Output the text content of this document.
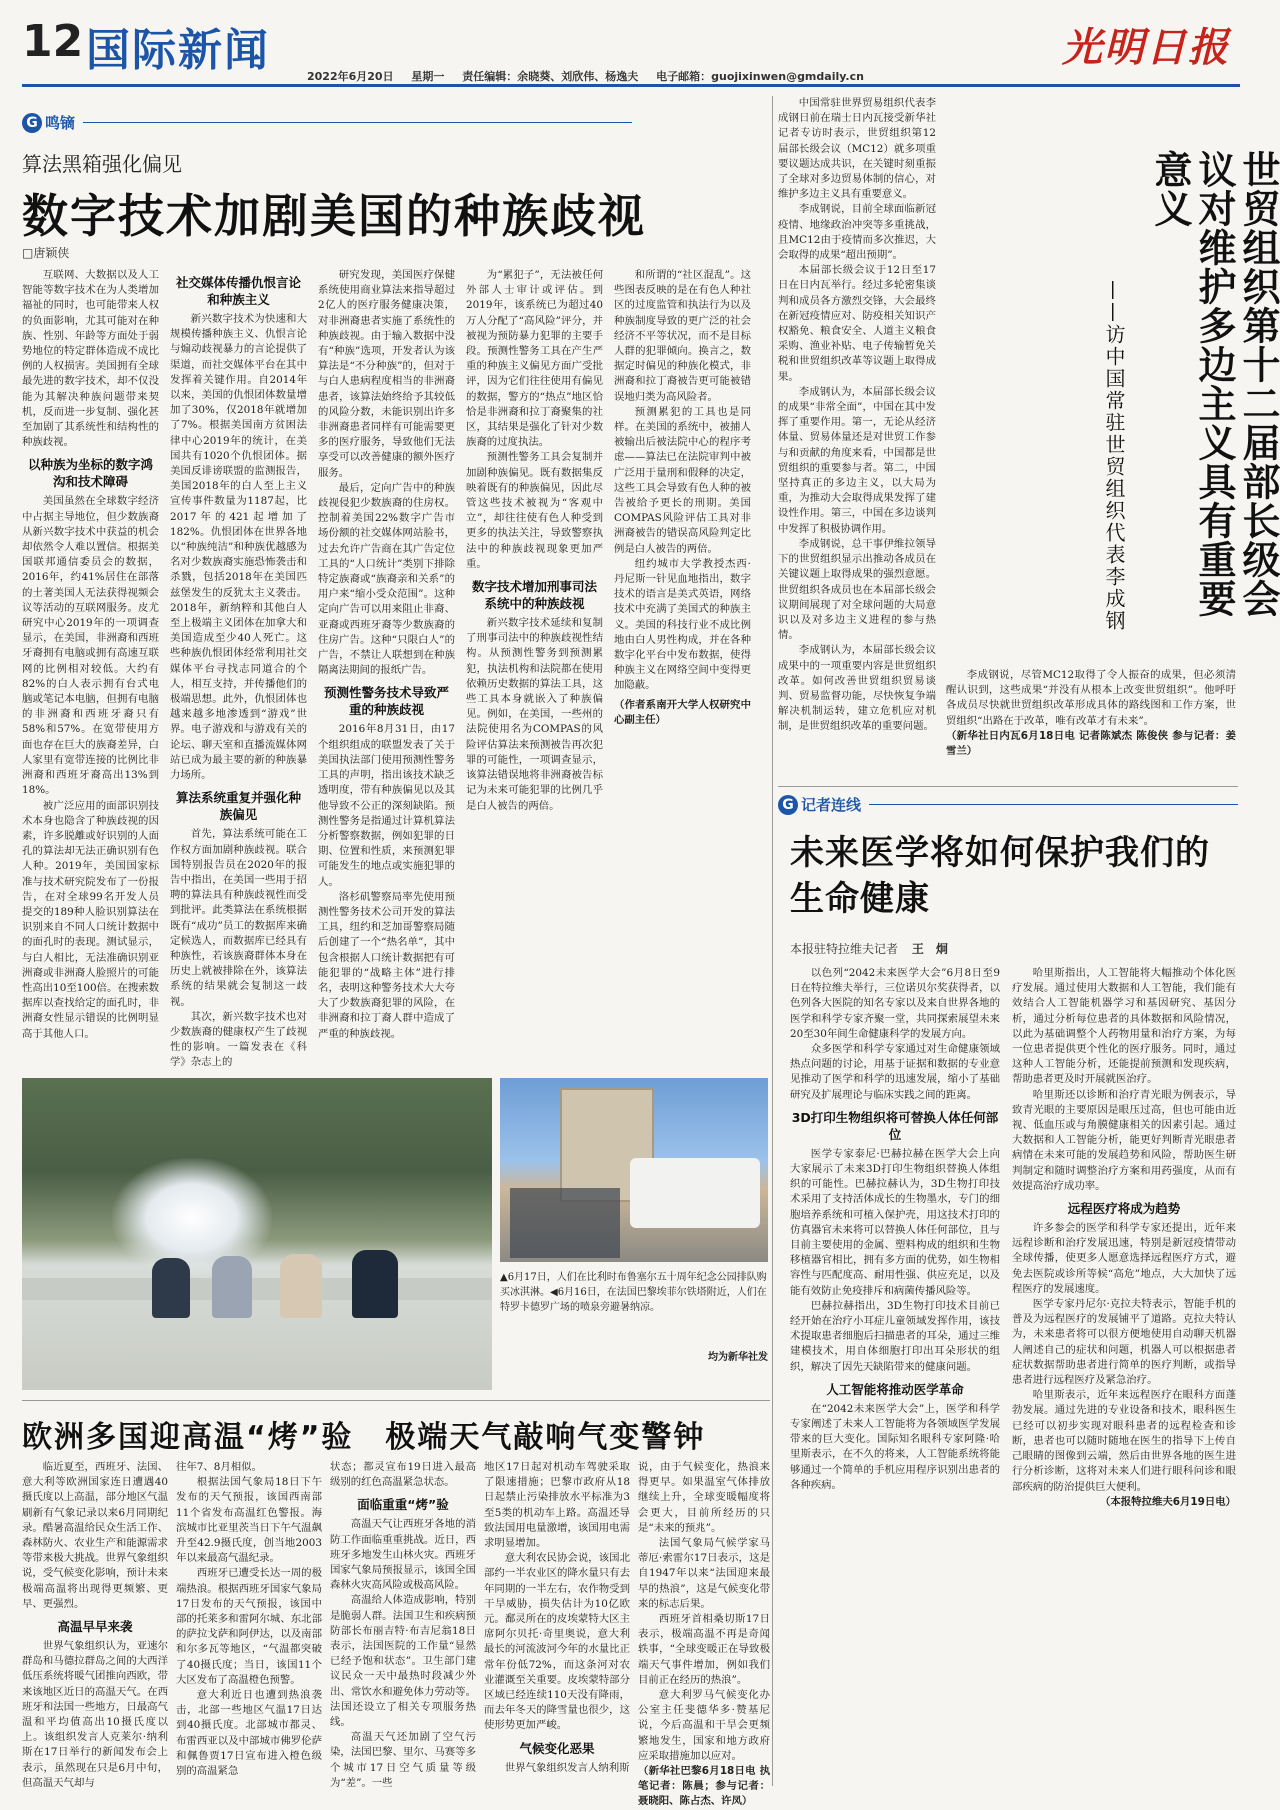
12 国际新闻
2022年6月20日 星期一 责任编辑：余晓葵、刘欣伟、杨逸夫 电子邮箱：guojixinwen@gmdaily.cn
光明日报
G 鸣镝
算法黑箱强化偏见
数字技术加剧美国的种族歧视
□唐颖侠

互联网、大数据以及人工智能等数字技术在为人类增加福祉的同时，也可能带来人权的负面影响，尤其可能对在种族、性别、年龄等方面处于弱势地位的特定群体造成不成比例的人权损害。美国拥有全球最先进的数字技术，却不仅没能为其解决种族问题带来契机，反而进一步复制、强化甚至加剧了其系统性和结构性的种族歧视。

以种族为坐标的数字鸿沟和技术障碍

美国虽然在全球数字经济中占据主导地位，但少数族裔从新兴数字技术中获益的机会却依然令人难以置信。根据美国联邦通信委员会的数据，2016年，约41%居住在部落的土著美国人无法获得视频会议等活动的互联网服务。皮尤研究中心2019年的一项调查显示，在美国，非洲裔和西班牙裔拥有电脑或拥有高速互联网的比例相对较低。大约有82%的白人表示拥有台式电脑或笔记本电脑，但拥有电脑的非洲裔和西班牙裔只有58%和57%。在宽带使用方面也存在巨大的族裔差异，白人家里有宽带连接的比例比非洲裔和西班牙裔高出13%到18%。

被广泛应用的面部识别技术本身也隐含了种族歧视的因素，许多脱離或好识别的人面孔的算法却无法正确识别有色人种。2019年，美国国家标准与技术研究院发布了一份报告，在对全球99名开发人员提交的189种人脸识别算法在识别来自不同人口统计数据中的面孔时的表现。测试显示，与白人相比，无法准确识别亚洲裔或非洲裔人脸照片的可能性高出10至100倍。在搜索数据库以查找给定的面孔时，非洲裔女性显示错误的比例明显高于其他人口。

社交媒体传播仇恨言论和种族主义

新兴数字技术为快速和大规模传播种族主义、仇恨言论与煽动歧视暴力的言论提供了渠道，而社交媒体平台在其中发挥着关键作用。自2014年以来，美国的仇恨团体数量增加了30%，仅2018年就增加了7%。根据美国南方贫困法律中心2019年的统计，在美国共有1020个仇恨团体。据美国反诽谤联盟的监测报告，美国2018年的白人至上主义宣传事件数量为1187起，比2017年的421起增加了182%。仇恨团体在世界各地以“种族纯洁”和种族优越感为名对少数族裔实施恐怖袭击和杀戮，包括2018年在美国匹兹堡发生的反犹太主义袭击。2018年，新纳粹和其他白人至上极端主义团体在加拿大和美国造成至少40人死亡。这些种族仇恨团体经常利用社交媒体平台寻找志同道合的个人，相互支持，并传播他们的极端思想。此外，仇恨团体也越来越多地渗透到“游戏”世界。电子游戏和与游戏有关的论坛、聊天室和直播流媒体网站已成为最主要的新的种族暴力场所。

算法系统重复并强化种族偏见

首先，算法系统可能在工作权方面加剧种族歧视。联合国特别报告员在2020年的报告中指出，在美国一些用于招聘的算法具有种族歧视性而受到批评。此类算法在系统根据既有“成功”员工的数据库来确定候选人，而数据库已经具有种族性，若该族裔群体本身在历史上就被排除在外，该算法系统的结果就会复制这一歧视。

其次，新兴数字技术也对少数族裔的健康权产生了歧视性的影响。一篇发表在《科学》杂志上的

研究发现，美国医疗保健系统使用商业算法来指导超过2亿人的医疗服务健康决策，对非洲裔患者实施了系统性的种族歧视。由于输入数据中没有“种族”选项，开发者认为该算法是“不分种族”的，但对于与白人患病程度相当的非洲裔患者，该算法始终给予其较低的风险分数，未能识别出许多非洲裔患者同样有可能需要更多的医疗服务，导致他们无法享受可以改善健康的额外医疗服务。

最后，定向广告中的种族歧视侵犯少数族裔的住房权。控制着美国22%数字广告市场份额的社交媒体网站脸书，过去允许广告商在其广告定位工具的“人口统计”类别下排除特定族裔或“族裔亲和关系”的用户来“缩小受众范围”。这种定向广告可以用来阻止非裔、亚裔或西班牙裔等少数族裔的住房广告。这种“只限白人”的广告，不禁让人联想到在种族隔离法期间的报纸广告。

预测性警务技术导致严重的种族歧视

2016年8月31日，由17个组织组成的联盟发表了关于美国执法部门使用预测性警务工具的声明，指出该技术缺乏透明度，带有种族偏见以及其他导致不公正的深刻缺陷。预测性警务是指通过计算机算法分析警察数据，例如犯罪的日期、位置和性质，来预测犯罪可能发生的地点或实施犯罪的人。

洛杉矶警察局率先使用预测性警务技术公司开发的算法工具，纽约和芝加哥警察局随后创建了一个“热名单”，其中包含根据人口统计数据把有可能犯罪的“战略主体”进行排名，表明这种警务技术大大夸大了少数族裔犯罪的风险，在非洲裔和拉丁裔人群中造成了严重的种族歧视。

为“累犯子”，无法被任何外部人士审计或评估。到2019年，该系统已为超过40万人分配了“高风险”评分，并被视为预防暴力犯罪的主要手段。预测性警务工具在产生严重的种族主义偏见方面广受批评，因为它们往往使用有偏见的数据，警方的“热点”地区恰恰是非洲裔和拉丁裔聚集的社区，其结果是强化了针对少数族裔的过度执法。

预测性警务工具会复制并加剧种族偏见。既有数据集反映着既有的种族偏见，因此尽管这些技术被视为“客观中立”，却往往使有色人种受到更多的执法关注，导致警察执法中的种族歧视现象更加严重。

数字技术增加刑事司法系统中的种族歧视

新兴数字技术延续和复制了刑事司法中的种族歧视性结构。从预测性警务到预测累犯，执法机构和法院都在使用依赖历史数据的算法工具，这些工具本身就嵌入了种族偏见。例如，在美国，一些州的法院使用名为COMPAS的风险评估算法来预测被告再次犯罪的可能性，一项调查显示，该算法错误地将非洲裔被告标记为未来可能犯罪的比例几乎是白人被告的两倍。

和所谓的“社区混乱”。这些图表反映的是在有色人种社区的过度监管和执法行为以及种族制度导致的更广泛的社会经济不平等状况，而不是目标人群的犯罪倾向。换言之，数据定时偏见的种族化模式，非洲裔和拉丁裔被告更可能被错误地归类为高风险者。

预测累犯的工具也是同样。在美国的系统中，被捕人被输出后被法院中心的程序考虑——算法已在法院审判中被广泛用于量刑和假释的决定，这些工具会导致有色人种的被告被给予更长的刑期。美国COMPAS风险评估工具对非洲裔被告的错误高风险判定比例是白人被告的两倍。

纽约城市大学教授杰西·丹尼斯一针见血地指出，数字技术的语言是美式英语，网络技术中充满了美国式的种族主义。美国的科技行业不成比例地由白人男性构成，并在各种数字化平台中发布数据，使得种族主义在网络空间中变得更加隐蔽。

（作者系南开大学人权研究中心副主任）
世贸组织第十二届部长级会议对维护多边主义具有重要意义
——访中国常驻世贸组织代表李成钢

中国常驻世界贸易组织代表李成钢日前在瑞士日内瓦接受新华社记者专访时表示，世贸组织第12届部长级会议（MC12）就多项重要议题达成共识，在关键时刻重振了全球对多边贸易体制的信心，对维护多边主义具有重要意义。

李成钢说，目前全球面临新冠疫情、地缘政治冲突等多重挑战，且MC12由于疫情而多次推迟，大会取得的成果“超出预期”。

本届部长级会议于12日至17日在日内瓦举行。经过多轮密集谈判和成员各方激烈交锋，大会最终在新冠疫情应对、防疫相关知识产权豁免、粮食安全、人道主义粮食采购、渔业补贴、电子传输暂免关税和世贸组织改革等议题上取得成果。

李成钢认为，本届部长级会议的成果“非常全面”，中国在其中发挥了重要作用。第一，无论从经济体量、贸易体量还是对世贸工作参与和贡献的角度来看，中国都是世贸组织的重要参与者。第二，中国坚持真正的多边主义，以大局为重，为推动大会取得成果发挥了建设性作用。第三，中国在多边谈判中发挥了积极协调作用。

李成钢说，总干事伊维拉领导下的世贸组织显示出推动各成员在关键议题上取得成果的强烈意愿。世贸组织各成员也在本届部长级会议期间展现了对全球问题的大局意识以及对多边主义进程的参与热情。

李成钢认为，本届部长级会议成果中的一项重要内容是世贸组织改革。如何改善世贸组织贸易谈判、贸易监督功能，尽快恢复争端解决机制运转，建立危机应对机制，是世贸组织改革的重要问题。

李成钢说，尽管MC12取得了令人振奋的成果，但必须清醒认识到，这些成果“并没有从根本上改变世贸组织”。他呼吁各成员尽快就世贸组织改革形成具体的路线图和工作方案，世贸组织“出路在于改革，唯有改革才有未来”。

（新华社日内瓦6月18日电 记者陈斌杰 陈俊侠 参与记者：姜雪兰）
G 记者连线
未来医学将如何保护我们的生命健康
本报驻特拉维夫记者 王　炯

以色列“2042未来医学大会”6月8日至9日在特拉维夫举行，三位诺贝尔奖获得者，以色列各大医院的知名专家以及来自世界各地的医学和科学专家齐聚一堂，共同探索展望未来20至30年间生命健康科学的发展方向。

众多医学和科学专家通过对生命健康领域热点问题的讨论，用基于证据和数据的专业意见推动了医学和科学的迅速发展，缩小了基础研究及扩展理论与临床实践之间的距离。

3D打印生物组织将可替换人体任何部位

医学专家泰尼·巴赫拉赫在医学大会上向大家展示了未来3D打印生物组织替换人体组织的可能性。巴赫拉赫认为，3D生物打印技术采用了支持活体成长的生物墨水，专门的细胞培养系统和可植入保护壳，用这技术打印的仿真器官未来将可以替换人体任何部位，且与目前主要使用的金属、塑料构成的组织和生物移植器官相比，拥有多方面的优势，如生物相容性与匹配度高、耐用性强、供应充足，以及能有效防止免疫排斥和病菌传播风险等。

巴赫拉赫指出，3D生物打印技术目前已经开始在治疗小耳症儿童领域发挥作用，该技术提取患者细胞后扫描患者的耳朵，通过三维建模技术，用自体细胞打印出耳朵形状的组织，解决了因先天缺陷带来的健康问题。

人工智能将推动医学革命

在“2042未来医学大会”上，医学和科学专家阐述了未来人工智能将为各领域医学发展带来的巨大变化。国际知名眼科专家阿隆·哈里斯表示，在不久的将来，人工智能系统将能够通过一个简单的手机应用程序识别出患者的各种疾病。

哈里斯指出，人工智能将大幅推动个体化医疗发展。通过使用大数据和人工智能，我们能有效结合人工智能机器学习和基因研究、基因分析，通过分析每位患者的具体数据和风险情况，以此为基础调整个人药物用量和治疗方案，为每一位患者提供更个性化的医疗服务。同时，通过这种人工智能分析，还能提前预测和发现疾病，帮助患者更及时开展就医治疗。

哈里斯还以诊断和治疗青光眼为例表示，导致青光眼的主要原因是眼压过高，但也可能由近视、低血压或与角膜健康相关的因素引起。通过大数据和人工智能分析，能更好判断青光眼患者病情在未来可能的发展趋势和风险，帮助医生研判制定和随时调整治疗方案和用药强度，从而有效提高治疗成功率。

远程医疗将成为趋势

许多参会的医学和科学专家还提出，近年来远程诊断和治疗发展迅速，特别是新冠疫情带动全球传播，使更多人愿意选择远程医疗方式，避免去医院或诊所等候“高危”地点，大大加快了远程医疗的发展速度。

医学专家丹尼尔·克拉夫特表示，智能手机的普及为远程医疗的发展铺平了道路。克拉夫特认为，未来患者将可以很方便地使用自动聊天机器人阐述自己的症状和问题，机器人可以根据患者症状数据帮助患者进行简单的医疗判断，或指导患者进行远程医疗及紧急治疗。

哈里斯表示，近年来远程医疗在眼科方面蓬勃发展。通过先进的专业设备和技术，眼科医生已经可以初步实现对眼科患者的远程检查和诊断，患者也可以随时随地在医生的指导下上传自己眼睛的图像到云端，然后由世界各地的医生进行分析诊断，这将对未来人们进行眼科问诊和眼部疾病的防治提供巨大便利。

（本报特拉维夫6月19日电）
▲6月17日，人们在比利时布鲁塞尔五十周年纪念公园排队购买冰淇淋。◀6月16日，在法国巴黎埃菲尔铁塔附近，人们在特罗卡德罗广场的喷泉旁避暑纳凉。
均为新华社发
欧洲多国迎高温“烤”验　极端天气敲响气变警钟

临近夏至，西班牙、法国、意大利等欧洲国家连日遭遇40摄氏度以上高温，部分地区气温刷新有气象记录以来6月同期纪录。酷暑高温给民众生活工作、森林防火、农业生产和能源需求等带来极大挑战。世界气象组织说，受气候变化影响，预计未来极端高温将出现得更频繁、更早、更强烈。

高温早早来袭

世界气象组织认为，亚速尔群岛和马德拉群岛之间的大西洋低压系统将暖气团推向西欧，带来该地区近日的高温天气。在西班牙和法国一些地方，日最高气温和平均值高出10摄氏度以上。该组织发言人克莱尔·纳利斯在17日举行的新闻发布会上表示，虽然现在只是6月中旬，但高温天气却与

往年7、8月相似。

根据法国气象局18日下午发布的天气预报，该国西南部11个省发布高温红色警报。海滨城市比亚里茨当日下午气温飙升至42.9摄氏度，创当地2003年以来最高气温纪录。

西班牙已遭受长达一周的极端热浪。根据西班牙国家气象局17日发布的天气预报，该国中部的托莱多和雷阿尔城、东北部的萨拉戈萨和阿伊达，以及南部和尔多瓦等地区，“气温都突破了40摄氏度；当日，该国11个大区发布了高温橙色预警。

意大利近日也遭到热浪袭击，北部一些地区气温17日达到40摄氏度。北部城市都灵、布雷西亚以及中部城市佛罗伦萨和佩鲁贾17日宣布进入橙色级别的高温紧急

状态；都灵宣布19日进入最高级别的红色高温紧急状态。

面临重重“烤”验

高温天气让西班牙各地的消防工作面临重重挑战。近日，西班牙多地发生山林火灾。西班牙国家气象局预报显示，该国全国森林火灾高风险或极高风险。

高温给人体造成影响，特别是脆弱人群。法国卫生和疾病预防部长布丽吉特·布吉尼翁18日表示，法国医院的工作量“显然已经予饱和状态”。卫生部门建议民众一天中最热时段减少外出、常饮水和避免体力劳动等。法国还设立了相关专项服务热线。

高温天气还加剧了空气污染，法国巴黎、里尔、马赛等多个城市17日空气质量等级为“差”。一些

地区17日起对机动车驾驶采取了限速措施；巴黎市政府从18日起禁止污染排放水平标准为3至5类的机动车上路。高温还导致法国用电量激增，该国用电需求明显增加。

意大利农民协会说，该国北部约一半农业区的降水量只有去年同期的一半左右，农作物受到干旱威胁，损失估计为10亿欧元。鄱灵所在的皮埃蒙特大区主席阿尔贝托·奇里奥说，意大利最长的河流波河今年的水量比正常年份低72%，而这条河对农业灌溉至关重要。皮埃蒙特部分区域已经连续110天没有降雨，而去年冬天的降雪量也很少，这使形势更加严峻。

气候变化恶果

世界气象组织发言人纳利斯

说，由于气候变化，热浪来得更早。如果温室气体排放继续上升，全球变暖幅度将会更大，目前所经历的只是“未来的预兆”。

法国气象局气候学家马蒂厄·索雷尔17日表示，这是自1947年以来“法国迎来最早的热浪”，这是气候变化带来的标志后果。

西班牙首相桑切斯17日表示，极端高温不再是奇闻轶事，“全球变暖正在导致极端天气事件增加，例如我们目前正在经历的热浪”。

意大利罗马气候变化办公室主任斐德华多·赞基尼说，今后高温和干旱会更频繁地发生，国家和地方政府应采取措施加以应对。

（新华社巴黎6月18日电 执笔记者：陈晨；参与记者：聂晓阳、陈占杰、许凤）
